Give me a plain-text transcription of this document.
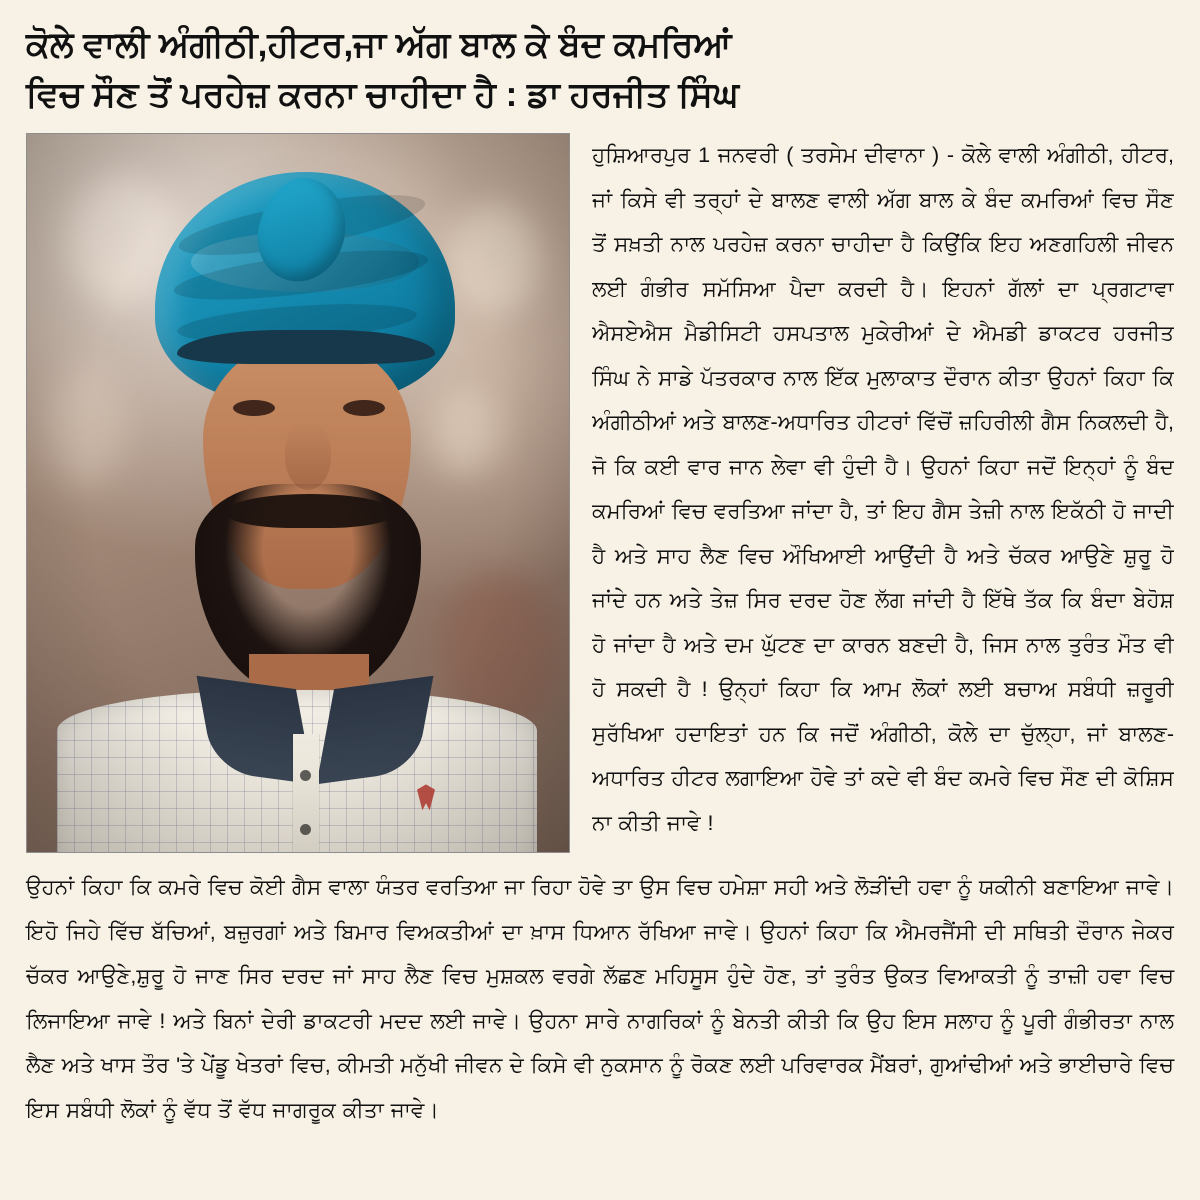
ਕੋਲੇ ਵਾਲੀ ਅੰਗੀਠੀ,ਹੀਟਰ,ਜਾ ਅੱਗ ਬਾਲ ਕੇ ਬੰਦ ਕਮਰਿਆਂ
ਵਿਚ ਸੌਣ ਤੋਂ ਪਰਹੇਜ਼ ਕਰਨਾ ਚਾਹੀਦਾ ਹੈ : ਡਾ ਹਰਜੀਤ ਸਿੰਘ
ਹੁਸ਼ਿਆਰਪੁਰ 1 ਜਨਵਰੀ ( ਤਰਸੇਮ ਦੀਵਾਨਾ ) - ਕੋਲੇ ਵਾਲੀ ਅੰਗੀਠੀ, ਹੀਟਰ, ਜਾਂ ਕਿਸੇ ਵੀ ਤਰ੍ਹਾਂ ਦੇ ਬਾਲਣ ਵਾਲੀ ਅੱਗ ਬਾਲ ਕੇ ਬੰਦ ਕਮਰਿਆਂ ਵਿਚ ਸੌਣ ਤੋਂ ਸਖ਼ਤੀ ਨਾਲ ਪਰਹੇਜ਼ ਕਰਨਾ ਚਾਹੀਦਾ ਹੈ ਕਿਉਂਕਿ ਇਹ ਅਣਗਹਿਲੀ ਜੀਵਨ ਲਈ ਗੰਭੀਰ ਸਮੱਸਿਆ ਪੈਦਾ ਕਰਦੀ ਹੈ। ਇਹਨਾਂ ਗੱਲਾਂ ਦਾ ਪ੍ਰਗਟਾਵਾ ਐਸਏਐਸ ਮੈਡੀਸਿਟੀ ਹਸਪਤਾਲ ਮੁਕੇਰੀਆਂ ਦੇ ਐਮਡੀ ਡਾਕਟਰ ਹਰਜੀਤ ਸਿੰਘ ਨੇ ਸਾਡੇ ਪੱਤਰਕਾਰ ਨਾਲ ਇੱਕ ਮੁਲਾਕਾਤ ਦੌਰਾਨ ਕੀਤਾ ਉਹਨਾਂ ਕਿਹਾ ਕਿ ਅੰਗੀਠੀਆਂ ਅਤੇ ਬਾਲਣ-ਅਧਾਰਿਤ ਹੀਟਰਾਂ ਵਿੱਚੋਂ ਜ਼ਹਿਰੀਲੀ ਗੈਸ ਨਿਕਲਦੀ ਹੈ, ਜੋ ਕਿ ਕਈ ਵਾਰ ਜਾਨ ਲੇਵਾ ਵੀ ਹੁੰਦੀ ਹੈ। ਉਹਨਾਂ ਕਿਹਾ ਜਦੋਂ ਇਨ੍ਹਾਂ ਨੂੰ ਬੰਦ ਕਮਰਿਆਂ ਵਿਚ ਵਰਤਿਆ ਜਾਂਦਾ ਹੈ, ਤਾਂ ਇਹ ਗੈਸ ਤੇਜ਼ੀ ਨਾਲ ਇਕੱਠੀ ਹੋ ਜਾਦੀ ਹੈ ਅਤੇ ਸਾਹ ਲੈਣ ਵਿਚ ਔਖਿਆਈ ਆਉਂਦੀ ਹੈ ਅਤੇ ਚੱਕਰ ਆਉਣੇ ਸ਼ੁਰੂ ਹੋ ਜਾਂਦੇ ਹਨ ਅਤੇ ਤੇਜ਼ ਸਿਰ ਦਰਦ ਹੋਣ ਲੱਗ ਜਾਂਦੀ ਹੈ ਇੱਥੇ ਤੱਕ ਕਿ ਬੰਦਾ ਬੇਹੋਸ਼ ਹੋ ਜਾਂਦਾ ਹੈ ਅਤੇ ਦਮ ਘੁੱਟਣ ਦਾ ਕਾਰਨ ਬਣਦੀ ਹੈ, ਜਿਸ ਨਾਲ ਤੁਰੰਤ ਮੌਤ ਵੀ ਹੋ ਸਕਦੀ ਹੈ ! ਉਨ੍ਹਾਂ ਕਿਹਾ ਕਿ ਆਮ ਲੋਕਾਂ ਲਈ ਬਚਾਅ ਸਬੰਧੀ ਜ਼ਰੂਰੀ ਸੁਰੱਖਿਆ ਹਦਾਇਤਾਂ ਹਨ ਕਿ ਜਦੋਂ ਅੰਗੀਠੀ, ਕੋਲੇ ਦਾ ਚੁੱਲ੍ਹਾ, ਜਾਂ ਬਾਲਣ-ਅਧਾਰਿਤ ਹੀਟਰ ਲਗਾਇਆ ਹੋਵੇ ਤਾਂ ਕਦੇ ਵੀ ਬੰਦ ਕਮਰੇ ਵਿਚ ਸੌਣ ਦੀ ਕੋਸ਼ਿਸ ਨਾ ਕੀਤੀ ਜਾਵੇ !
ਉਹਨਾਂ ਕਿਹਾ ਕਿ ਕਮਰੇ ਵਿਚ ਕੋਈ ਗੈਸ ਵਾਲਾ ਯੰਤਰ ਵਰਤਿਆ ਜਾ ਰਿਹਾ ਹੋਵੇ ਤਾ ਉਸ ਵਿਚ ਹਮੇਸ਼ਾ ਸਹੀ ਅਤੇ ਲੋੜੀਂਦੀ ਹਵਾ ਨੂੰ ਯਕੀਨੀ ਬਣਾਇਆ ਜਾਵੇ। ਇਹੋ ਜਿਹੇ ਵਿੱਚ ਬੱਚਿਆਂ, ਬਜ਼ੁਰਗਾਂ ਅਤੇ ਬਿਮਾਰ ਵਿਅਕਤੀਆਂ ਦਾ ਖ਼ਾਸ ਧਿਆਨ ਰੱਖਿਆ ਜਾਵੇ। ਉਹਨਾਂ ਕਿਹਾ ਕਿ ਐਮਰਜੈਂਸੀ ਦੀ ਸਥਿਤੀ ਦੌਰਾਨ ਜੇਕਰ ਚੱਕਰ ਆਉਣੇ,ਸ਼ੁਰੂ ਹੋ ਜਾਣ ਸਿਰ ਦਰਦ ਜਾਂ ਸਾਹ ਲੈਣ ਵਿਚ ਮੁਸ਼ਕਲ ਵਰਗੇ ਲੱਛਣ ਮਹਿਸੂਸ ਹੁੰਦੇ ਹੋਣ, ਤਾਂ ਤੁਰੰਤ ਉਕਤ ਵਿਆਕਤੀ ਨੂੰ ਤਾਜ਼ੀ ਹਵਾ ਵਿਚ ਲਿਜਾਇਆ ਜਾਵੇ ! ਅਤੇ ਬਿਨਾਂ ਦੇਰੀ ਡਾਕਟਰੀ ਮਦਦ ਲਈ ਜਾਵੇ। ਉਹਨਾ ਸਾਰੇ ਨਾਗਰਿਕਾਂ ਨੂੰ ਬੇਨਤੀ ਕੀਤੀ ਕਿ ਉਹ ਇਸ ਸਲਾਹ ਨੂੰ ਪੂਰੀ ਗੰਭੀਰਤਾ ਨਾਲ ਲੈਣ ਅਤੇ ਖਾਸ ਤੌਰ 'ਤੇ ਪੇਂਡੂ ਖੇਤਰਾਂ ਵਿਚ, ਕੀਮਤੀ ਮਨੁੱਖੀ ਜੀਵਨ ਦੇ ਕਿਸੇ ਵੀ ਨੁਕਸਾਨ ਨੂੰ ਰੋਕਣ ਲਈ ਪਰਿਵਾਰਕ ਮੈਂਬਰਾਂ, ਗੁਆਂਢੀਆਂ ਅਤੇ ਭਾਈਚਾਰੇ ਵਿਚ ਇਸ ਸਬੰਧੀ ਲੋਕਾਂ ਨੂੰ ਵੱਧ ਤੋਂ ਵੱਧ ਜਾਗਰੂਕ ਕੀਤਾ ਜਾਵੇ।
